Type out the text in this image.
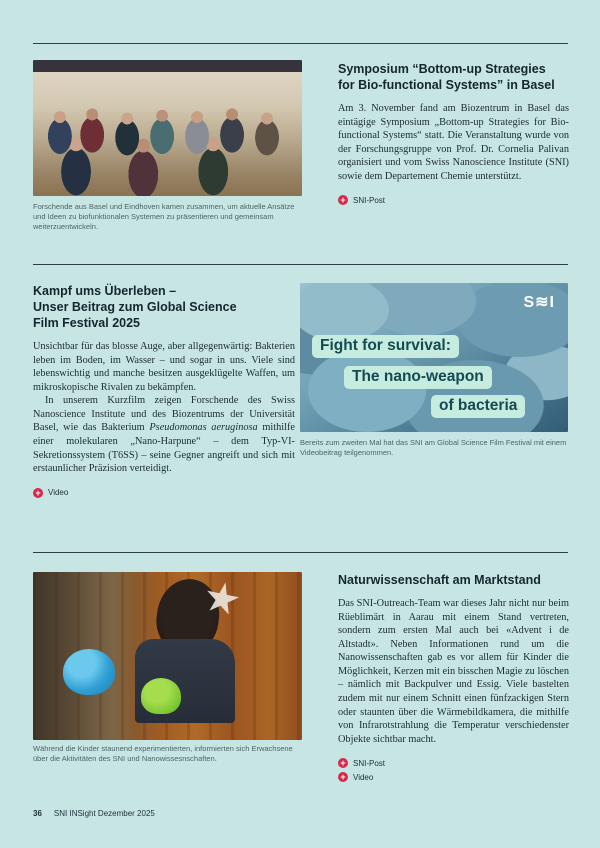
Forschende aus Basel und Eindhoven kamen zusammen, um aktuelle Ansätze und Ideen zu biofunktionalen Systemen zu präsentieren und gemeinsam weiterzuentwickeln.
Symposium “Bottom-up Strategies
for Bio-functional Systems” in Basel

Am 3. November fand am Biozentrum in Basel das eintägige Symposium „Bottom-up Strategies for Bio-functional Systems“ statt. Die Veranstaltung wurde von der Forschungsgruppe von Prof. Dr. Cornelia Palivan organisiert und vom Swiss Nanoscience Institute (SNI) sowie dem Departement Chemie unterstützt.

+ SNI-Post
Kampf ums Überleben –
Unser Beitrag zum Global Science
Film Festival 2025

Unsichtbar für das blosse Auge, aber allgegenwärtig: Bakterien leben im Boden, im Wasser – und sogar in uns. Viele sind lebenswichtig und manche besitzen ausgeklügelte Waffen, um mikroskopische Rivalen zu bekämpfen.

In unserem Kurzfilm zeigen Forschende des Swiss Nanoscience Institute und des Biozentrums der Universität Basel, wie das Bakterium Pseudomonas aeruginosa mithilfe einer molekularen „Nano-Harpune“ – dem Typ-VI-Sekretionssystem (T6SS) – seine Gegner angreift und sich mit erstaunlicher Präzision verteidigt.

+ Video
S≋I
Fight for survival:
The nano-weapon
of bacteria
Bereits zum zweiten Mal hat das SNI am Global Science Film Festival mit einem Videobeitrag teilgenommen.
Während die Kinder staunend experimentierten, informierten sich Erwachsene über die Aktivitäten des SNI und Nanowissesnschaften.
Naturwissenschaft am Marktstand

Das SNI-Outreach-Team war dieses Jahr nicht nur beim Rüeblimärt in Aarau mit einem Stand vertreten, sondern zum ersten Mal auch bei «Advent i de Altstadt». Neben Informationen rund um die Nanowissenschaften gab es vor allem für Kinder die Möglichkeit, Kerzen mit ein bisschen Magie zu löschen – nämlich mit Backpulver und Essig. Viele bastelten zudem mit nur einem Schnitt einen fünfzackigen Stern oder staunten über die Wärmebildkamera, die mithilfe von Infrarotstrahlung die Temperatur verschiedenster Objekte sichtbar macht.

+ SNI-Post
+ Video
36 SNI INSight Dezember 2025
